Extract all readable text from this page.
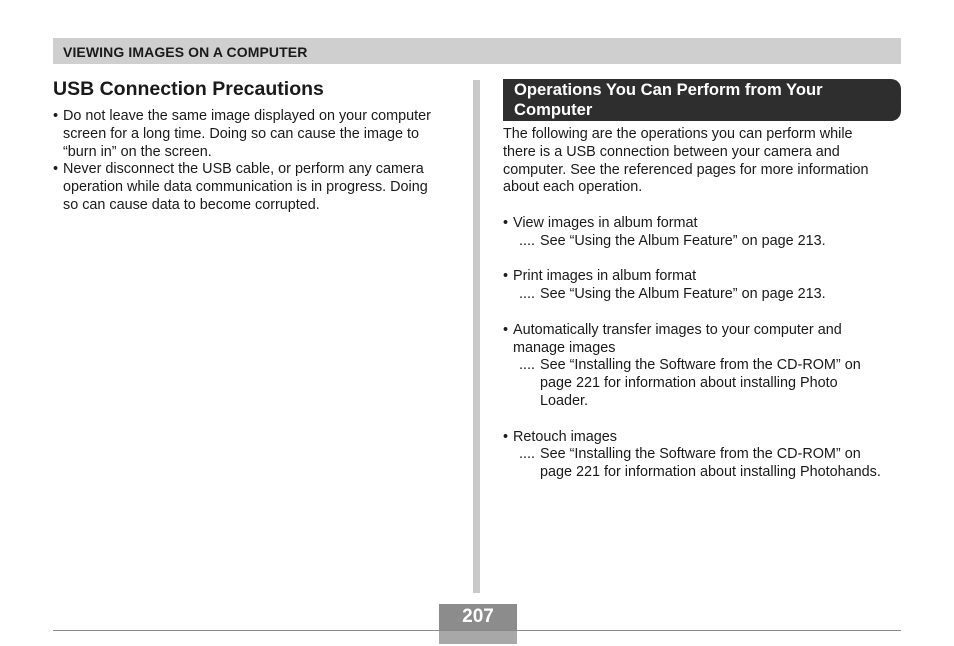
VIEWING IMAGES ON A COMPUTER
USB Connection Precautions
• Do not leave the same image displayed on your computer
screen for a long time. Doing so can cause the image to
“burn in” on the screen.
• Never disconnect the USB cable, or perform any camera
operation while data communication is in progress. Doing
so can cause data to become corrupted.
Operations You Can Perform from Your
Computer
The following are the operations you can perform while
there is a USB connection between your camera and
computer. See the referenced pages for more information
about each operation.
• View images in album format
.... See “Using the Album Feature” on page 213.
• Print images in album format
.... See “Using the Album Feature” on page 213.
• Automatically transfer images to your computer and
manage images
.... See “Installing the Software from the CD-ROM” on
page 221 for information about installing Photo
Loader.
• Retouch images
.... See “Installing the Software from the CD-ROM” on
page 221 for information about installing Photohands.
207
